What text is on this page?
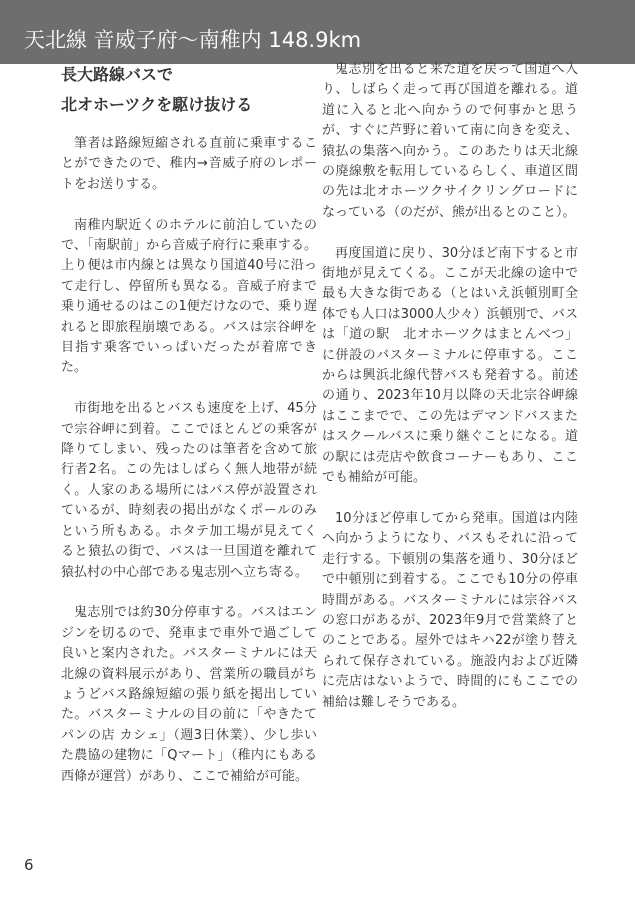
天北線 音威子府〜南稚内 148.9km
長大路線バスで
北オホーツクを駆け抜ける

筆者は路線短縮される直前に乗車することができたので、稚内→音威子府のレポートをお送りする。

南稚内駅近くのホテルに前泊していたので、「南駅前」から音威子府行に乗車する。上り便は市内線とは異なり国道40号に沿って走行し、停留所も異なる。音威子府まで乗り通せるのはこの1便だけなので、乗り遅れると即旅程崩壊である。バスは宗谷岬を目指す乗客でいっぱいだったが着席できた。

市街地を出るとバスも速度を上げ、45分で宗谷岬に到着。ここでほとんどの乗客が降りてしまい、残ったのは筆者を含めて旅行者2名。この先はしばらく無人地帯が続く。人家のある場所にはバス停が設置されているが、時刻表の掲出がなくポールのみという所もある。ホタテ加工場が見えてくると猿払の街で、バスは一旦国道を離れて猿払村の中心部である鬼志別へ立ち寄る。

鬼志別では約30分停車する。バスはエンジンを切るので、発車まで車外で過ごして良いと案内された。バスターミナルには天北線の資料展示があり、営業所の職員がちょうどバス路線短縮の張り紙を掲出していた。バスターミナルの目の前に「やきたてパンの店 カシェ」（週3日休業）、少し歩いた農協の建物に「Qマート」（稚内にもある西條が運営）があり、ここで補給が可能。

鬼志別を出ると来た道を戻って国道へ入り、しばらく走って再び国道を離れる。道道に入ると北へ向かうので何事かと思うが、すぐに芦野に着いて南に向きを変え、猿払の集落へ向かう。このあたりは天北線の廃線敷を転用しているらしく、車道区間の先は北オホーツクサイクリングロードになっている（のだが、熊が出るとのこと）。

再度国道に戻り、30分ほど南下すると市街地が見えてくる。ここが天北線の途中で最も大きな街である（とはいえ浜頓別町全体でも人口は3000人少々）浜頓別で、バスは「道の駅　北オホーツクはまとんべつ」に併設のバスターミナルに停車する。ここからは興浜北線代替バスも発着する。前述の通り、2023年10月以降の天北宗谷岬線はここまでで、この先はデマンドバスまたはスクールバスに乗り継ぐことになる。道の駅には売店や飲食コーナーもあり、ここでも補給が可能。

10分ほど停車してから発車。国道は内陸へ向かうようになり、バスもそれに沿って走行する。下頓別の集落を通り、30分ほどで中頓別に到着する。ここでも10分の停車時間がある。バスターミナルには宗谷バスの窓口があるが、2023年9月で営業終了とのことである。屋外ではキハ22が塗り替えられて保存されている。施設内および近隣に売店はないようで、時間的にもここでの補給は難しそうである。

6
